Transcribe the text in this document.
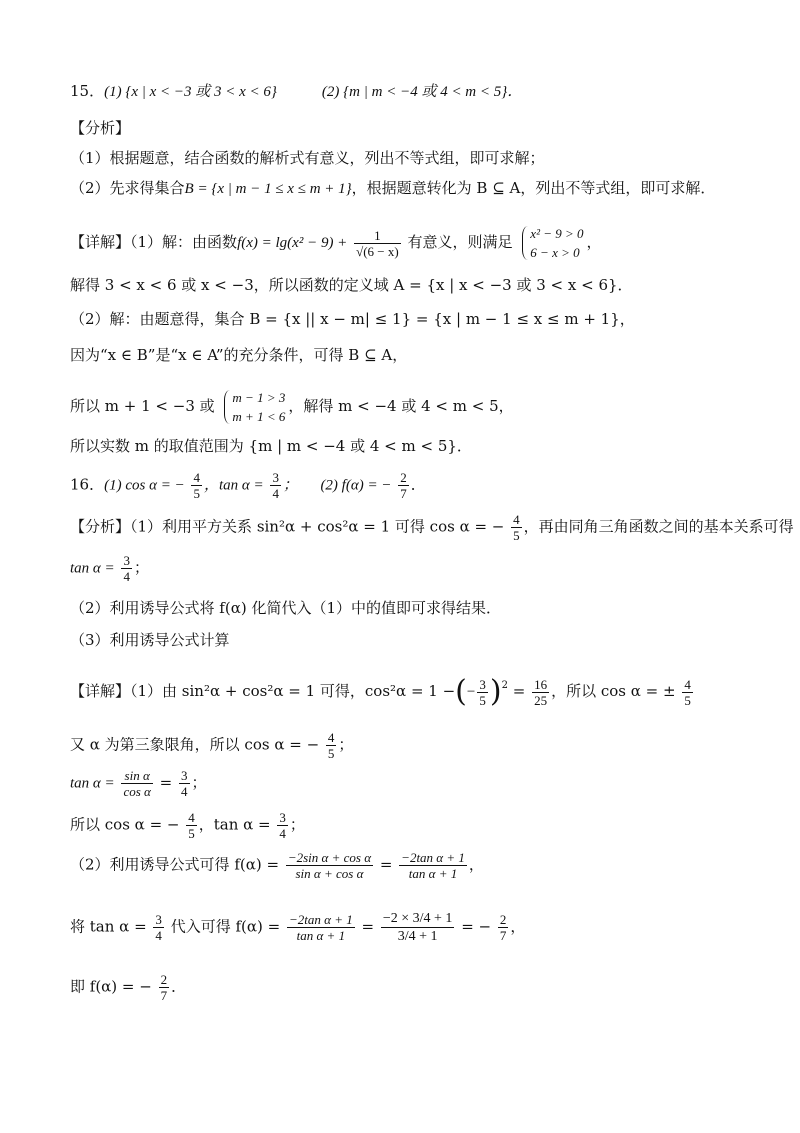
15．(1) {x | x < −3 或 3 < x < 6}　　　(2) {m | m < −4 或 4 < m < 5}．
【分析】
（1）根据题意，结合函数的解析式有意义，列出不等式组，即可求解；
（2）先求得集合B = {x | m − 1 ≤ x ≤ m + 1}，根据题意转化为 B ⊆ A，列出不等式组，即可求解．
【详解】（1）解：由函数$f(x) = \lg(x^2 - 9) + \frac{1}{√(6 - x)}$ 有意义，则满足 x² − 9 > 0
6 − x > 0
，
解得 3 < x < 6 或 x < −3，所以函数的定义域 A = {x | x < −3 或 3 < x < 6}．
（2）解：由题意得，集合 B = {x || x − m| ≤ 1} = {x | m − 1 ≤ x ≤ m + 1}，
因为“x ∈ B”是“x ∈ A”的充分条件，可得 B ⊆ A，
所以 m + 1 < −3 或 m − 1 > 3
m + 1 < 6
，解得 m < −4 或 4 < m < 5，
所以实数 m 的取值范围为 {m | m < −4 或 4 < m < 5}．
16．(1) cos α = − $\frac{4}{5}$ ，$\tan \alpha = \frac{3}{4}$ ；　　(2) f(α) = − $\frac{2}{7}$ ．
【分析】（1）利用平方关系 sin²α + cos²α = 1 可得 cos α = − $\frac{4}{5}$ ，再由同角三角函数之间的基本关系可得
$\tan \alpha = \frac{3}{4}$ ；
（2）利用诱导公式将 f(α) 化简代入（1）中的值即可求得结果．
（3）利用诱导公式计算
【详解】（1）由 sin²α + cos²α = 1 可得，cos²α = 1 −(− $\frac{3}{5} )^2 = \frac{16}{25}$ ，所以 cos α = ± $\frac{4}{5}$
又 α 为第三象限角，所以 cos α = − $\frac{4}{5}$ ；
$\tan \alpha = \frac{\text{sin α}}{\text{cos α}} = \frac{3}{4}$ ；
所以 cos α = − $\frac{4}{5}$ ，$\tan \alpha = \frac{3}{4}$ ；
（2）利用诱导公式可得 $f(\alpha) = \frac{\text{−2sin α + cos α}}{\text{sin α + cos α}} = \frac{\text{−2tan α + 1}}{\text{tan α + 1}}$ ，
将 $\tan \alpha = \frac{3}{4}$ 代入可得 $f(\alpha) = \frac{\text{−2tan α + 1}}{\text{tan α + 1}} = \frac{-2 \times 3/4 + 1}{3/4 + 1}$ = − $\frac{2}{7}$ ，
即 f(α) = − $\frac{2}{7}$ ．
